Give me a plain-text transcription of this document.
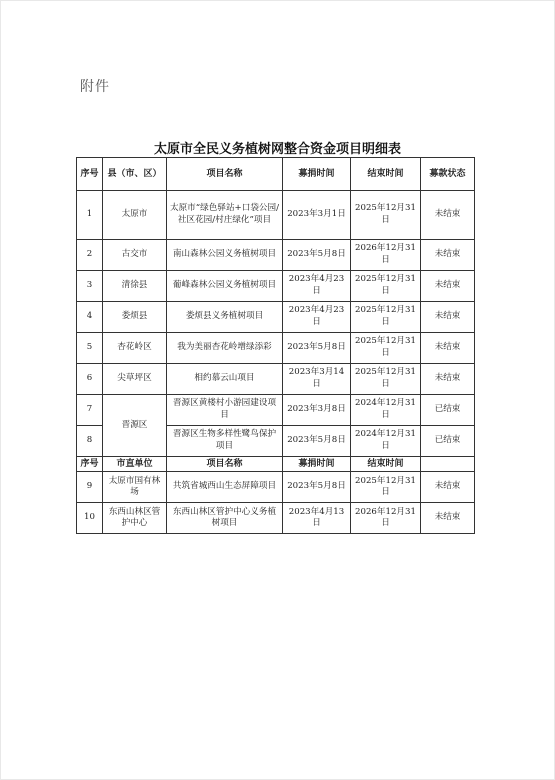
附件
太原市全民义务植树网整合资金项目明细表
序号	县（市、区）	项目名称	募捐时间	结束时间	募款状态
1	太原市	太原市“绿色驿站+口袋公园/社区花园/村庄绿化”项目	2023年3月1日	2025年12月31日	未结束
2	古交市	南山森林公园义务植树项目	2023年5月8日	2026年12月31日	未结束
3	清徐县	葡峰森林公园义务植树项目	2023年4月23日	2025年12月31日	未结束
4	娄烦县	娄烦县义务植树项目	2023年4月23日	2025年12月31日	未结束
5	杏花岭区	我为美丽杏花岭增绿添彩	2023年5月8日	2025年12月31日	未结束
6	尖草坪区	相约慕云山项目	2023年3月14日	2025年12月31日	未结束
7	晋源区	晋源区黄楼村小游园建设项目	2023年3月8日	2024年12月31日	已结束
8		晋源区生物多样性鹭鸟保护项目	2023年5月8日	2024年12月31日	已结束
序号	市直单位	项目名称	募捐时间	结束时间	
9	太原市国有林场	共筑省城西山生态屏障项目	2023年5月8日	2025年12月31日	未结束
10	东西山林区管护中心	东西山林区管护中心义务植树项目	2023年4月13日	2026年12月31日	未结束
